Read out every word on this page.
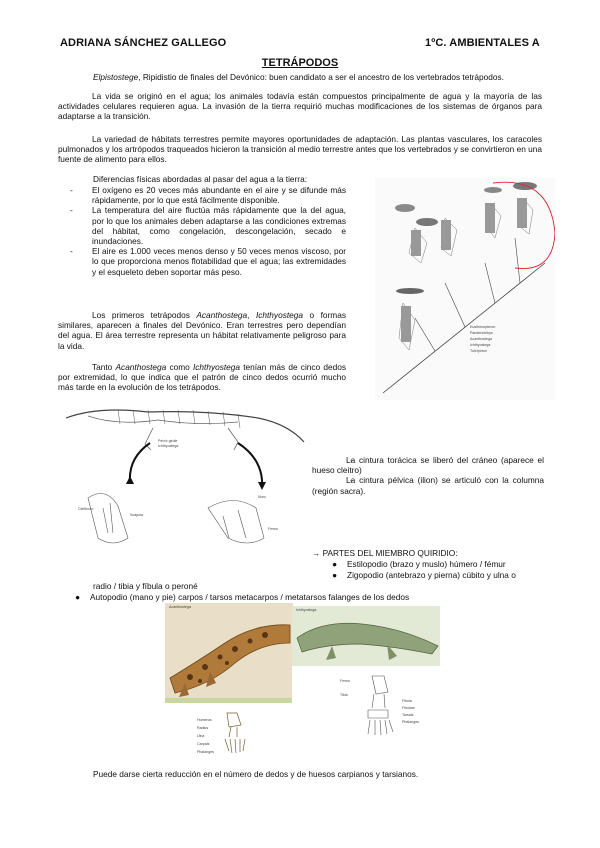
ADRIANA SÁNCHEZ GALLEGO	1ºC. AMBIENTALES A
TETRÁPODOS
Elpistostege, Ripidistio de finales del Devónico: buen candidato a ser el ancestro de los vertebrados tetrápodos.
La vida se originó en el agua; los animales todavía están compuestos principalmente de agua y la mayoría de las actividades celulares requieren agua. La invasión de la tierra requirió muchas modificaciones de los sistemas de órganos para adaptarse a la transición.
La variedad de hábitats terrestres permite mayores oportunidades de adaptación. Las plantas vasculares, los caracoles pulmonados y los artrópodos traqueados hicieron la transición al medio terrestre antes que los vertebrados y se convirtieron en una fuente de alimento para ellos.
Diferencias físicas abordadas al pasar del agua a la tierra:
- El oxígeno es 20 veces más abundante en el aire y se difunde más rápidamente, por lo que está fácilmente disponible.
- La temperatura del aire fluctúa más rápidamente que la del agua, por lo que los animales deben adaptarse a las condiciones extremas del hábitat, como congelación, descongelación, secado e inundaciones.
- El aire es 1.000 veces menos denso y 50 veces menos viscoso, por lo que proporciona menos flotabilidad que el agua; las extremidades y el esqueleto deben soportar más peso.
Los primeros tetrápodos Acanthostega, Ichthyostega o formas similares, aparecen a finales del Devónico. Eran terrestres pero dependían del agua. El área terrestre representa un hábitat relativamente peligroso para la vida.
Tanto Acanthostega como Ichthyostega tenían más de cinco dedos por extremidad, lo que indica que el patrón de cinco dedos ocurrió mucho más tarde en la evolución de los tetrápodos.
Eusthenopteron
Panderichthys
Acanthostega
Ichthyostega
Tulerpeton
Pelvic girdle
Ichthyostega
Cleithrum
Scapula
Ilium
Femur
- La cintura torácica se liberó del cráneo (aparece el hueso cleitro)
- La cintura pélvica (ilion) se articuló con la columna (región sacra).
→ PARTES DEL MIEMBRO QUIRIDIO:
● Estilopodio (brazo y muslo) húmero / fémur
● Zigopodio (antebrazo y pierna) cúbito y ulna o
radio / tibia y fíbula o peroné
● Autopodio (mano y pie) carpos / tarsos metacarpos / metatarsos falanges de los dedos
Acanthostega
Humerus
Radius
Ulna
Carpals
Phalanges
Ichthyostega
Femur
Tibia
Fibula
Fibulare
Tarsals
Phalanges
Puede darse cierta reducción en el número de dedos y de huesos carpianos y tarsianos.
